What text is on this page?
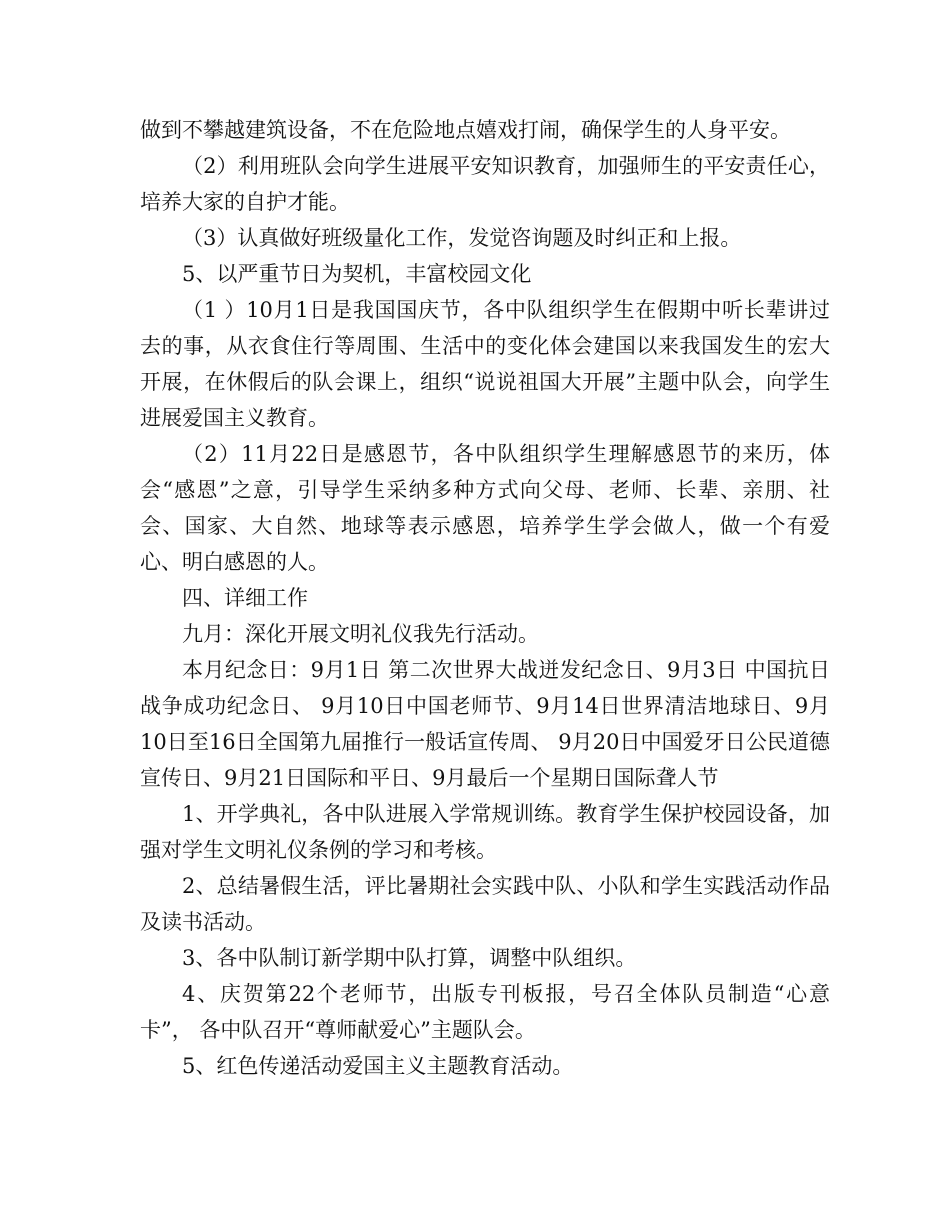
做到不攀越建筑设备，不在危险地点嬉戏打闹，确保学生的人身平安。

（2）利用班队会向学生进展平安知识教育，加强师生的平安责任心，培养大家的自护才能。

（3）认真做好班级量化工作，发觉咨询题及时纠正和上报。

5、以严重节日为契机，丰富校园文化

（1 ）10月1日是我国国庆节，各中队组织学生在假期中听长辈讲过去的事，从衣食住行等周围、生活中的变化体会建国以来我国发生的宏大开展，在休假后的队会课上，组织“说说祖国大开展”主题中队会，向学生进展爱国主义教育。

（2）11月22日是感恩节，各中队组织学生理解感恩节的来历，体会“感恩”之意，引导学生采纳多种方式向父母、老师、长辈、亲朋、社会、国家、大自然、地球等表示感恩，培养学生学会做人，做一个有爱心、明白感恩的人。

四、详细工作

九月：深化开展文明礼仪我先行活动。

本月纪念日：9月1日 第二次世界大战迸发纪念日、9月3日 中国抗日战争成功纪念日、 9月10日中国老师节、9月14日世界清洁地球日、9月10日至16日全国第九届推行一般话宣传周、 9月20日中国爱牙日公民道德宣传日、9月21日国际和平日、9月最后一个星期日国际聋人节

1、开学典礼，各中队进展入学常规训练。教育学生保护校园设备，加强对学生文明礼仪条例的学习和考核。

2、总结暑假生活，评比暑期社会实践中队、小队和学生实践活动作品及读书活动。

3、各中队制订新学期中队打算，调整中队组织。

4、庆贺第22个老师节，出版专刊板报，号召全体队员制造“心意卡”， 各中队召开“尊师献爱心”主题队会。

5、红色传递活动爱国主义主题教育活动。
